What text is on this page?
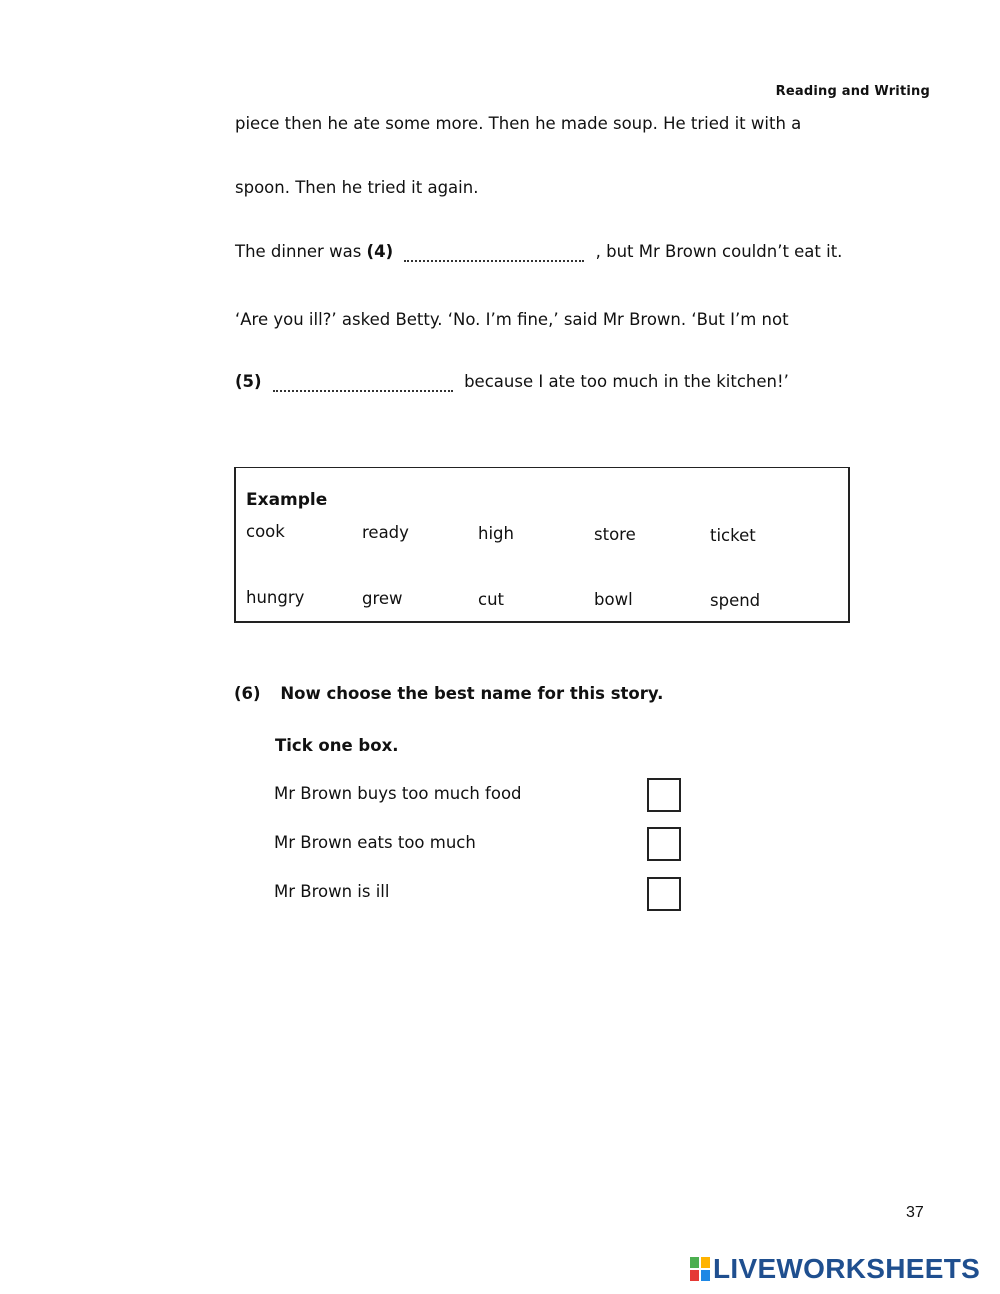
Reading and Writing
piece then he ate some more. Then he made soup. He tried it with a
spoon. Then he tried it again.
The dinner was (4)	, but Mr Brown couldn’t eat it.
‘Are you ill?’ asked Betty. ‘No. I’m fine,’ said Mr Brown. ‘But I’m not
(5)	because I ate too much in the kitchen!’
Example
cook	ready	high	store	ticket
hungry	grew	cut	bowl	spend
(6) Now choose the best name for this story.
Tick one box.
Mr Brown buys too much food
Mr Brown eats too much
Mr Brown is ill
37
LIVEWORKSHEETS
